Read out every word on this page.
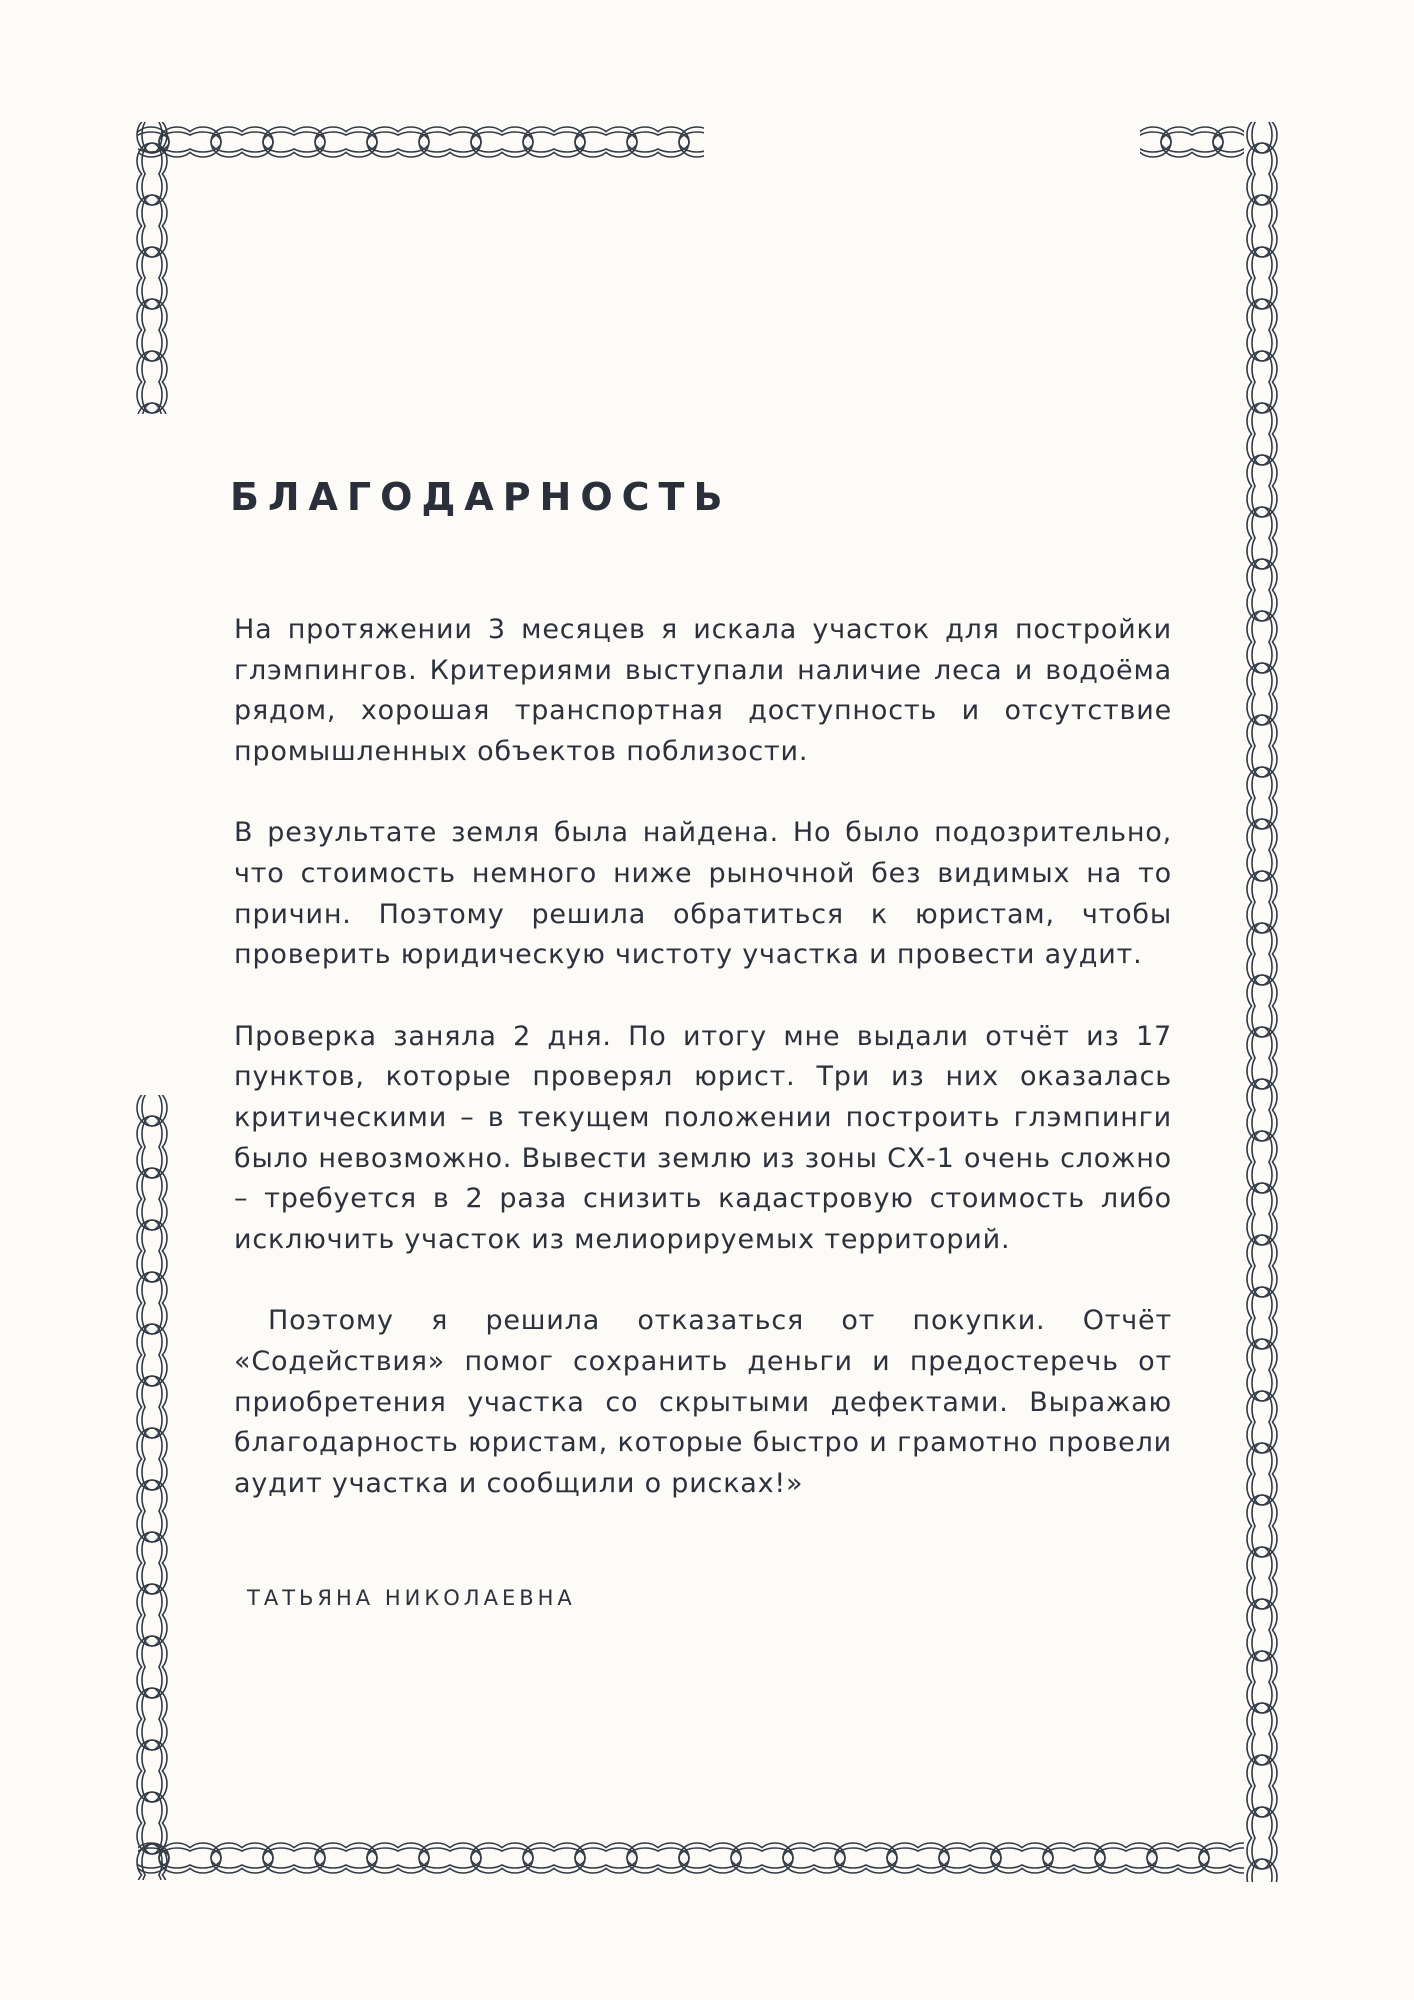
БЛАГОДАРНОСТЬ

На протяжении 3 месяцев я искала участок для постройки глэмпингов. Критериями выступали наличие леса и водоёма рядом, хорошая транспортная доступность и отсутствие промышленных объектов поблизости.

В результате земля была найдена. Но было подозрительно, что стоимость немного ниже рыночной без видимых на то причин. Поэтому решила обратиться к юристам, чтобы проверить юридическую чистоту участка и провести аудит.

Проверка заняла 2 дня. По итогу мне выдали отчёт из 17 пунктов, которые проверял юрист. Три из них оказалась критическими – в текущем положении построить глэмпинги было невозможно. Вывести землю из зоны СХ-1 очень сложно – требуется в 2 раза снизить кадастровую стоимость либо исключить участок из мелиорируемых территорий.

Поэтому я решила отказаться от покупки. Отчёт «Содействия» помог сохранить деньги и предостеречь от приобретения участка со скрытыми дефектами. Выражаю благодарность юристам, которые быстро и грамотно провели аудит участка и сообщили о рисках!»

ТАТЬЯНА НИКОЛАЕВНА
